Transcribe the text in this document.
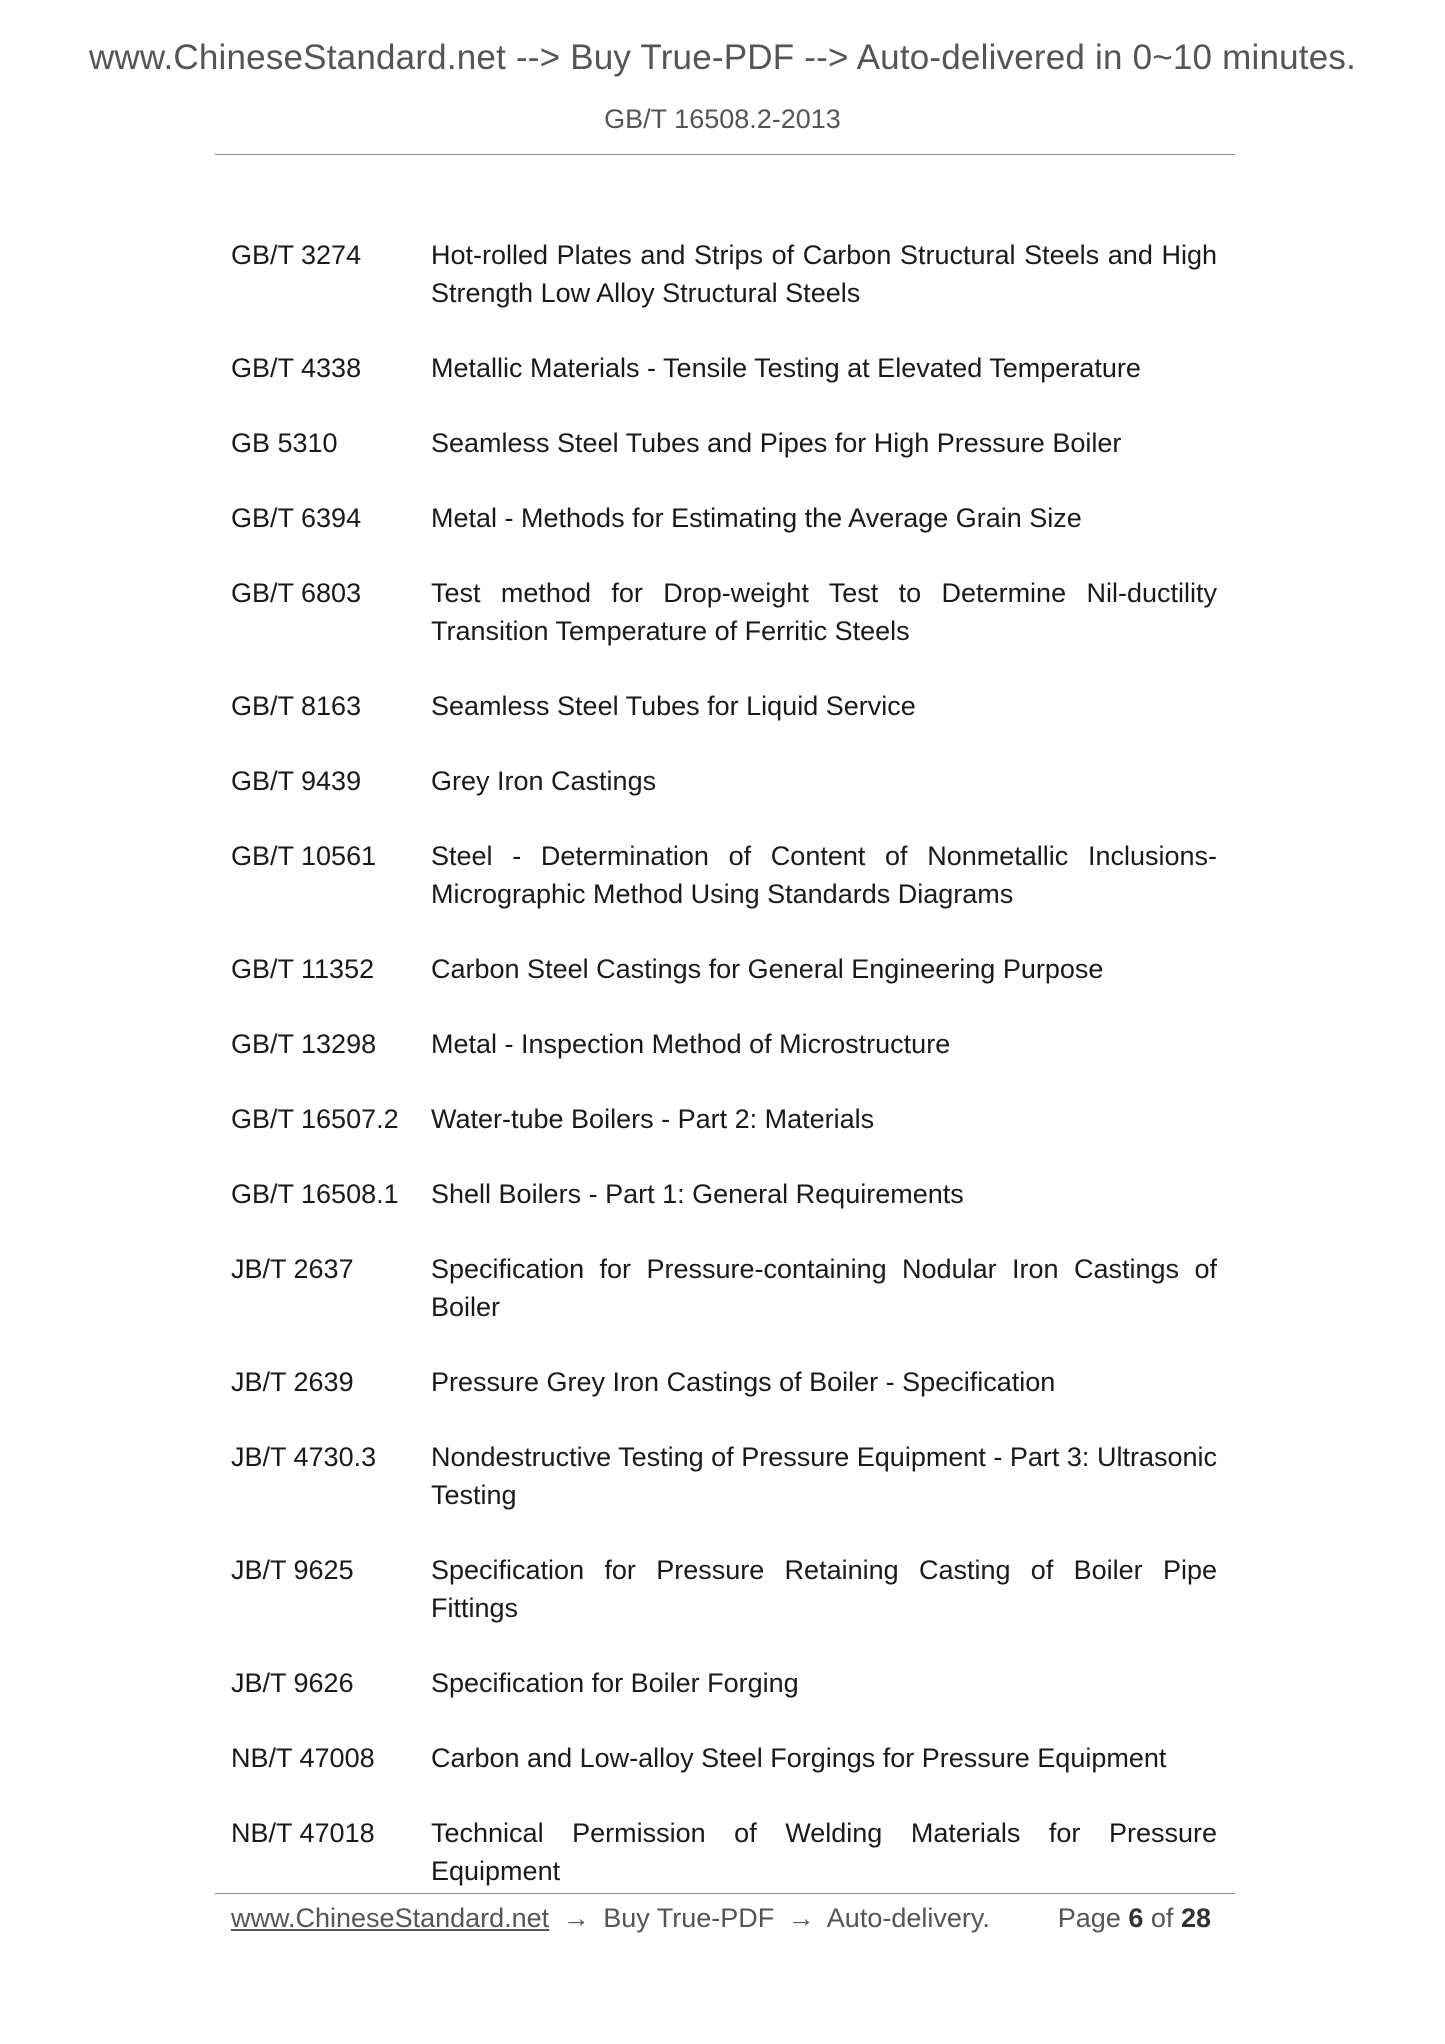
www.ChineseStandard.net --> Buy True-PDF --> Auto-delivered in 0~10 minutes.
GB/T 16508.2-2013
GB/T 3274	Hot-rolled Plates and Strips of Carbon Structural Steels and High Strength Low Alloy Structural Steels
GB/T 4338	Metallic Materials - Tensile Testing at Elevated Temperature
GB 5310	Seamless Steel Tubes and Pipes for High Pressure Boiler
GB/T 6394	Metal - Methods for Estimating the Average Grain Size
GB/T 6803	Test method for Drop-weight Test to Determine Nil-ductility Transition Temperature of Ferritic Steels
GB/T 8163	Seamless Steel Tubes for Liquid Service
GB/T 9439	Grey Iron Castings
GB/T 10561	Steel - Determination of Content of Nonmetallic Inclusions-Micrographic Method Using Standards Diagrams
GB/T 11352	Carbon Steel Castings for General Engineering Purpose
GB/T 13298	Metal - Inspection Method of Microstructure
GB/T 16507.2	Water-tube Boilers - Part 2: Materials
GB/T 16508.1	Shell Boilers - Part 1: General Requirements
JB/T 2637	Specification for Pressure-containing Nodular Iron Castings of Boiler
JB/T 2639	Pressure Grey Iron Castings of Boiler - Specification
JB/T 4730.3	Nondestructive Testing of Pressure Equipment - Part 3: Ultrasonic Testing
JB/T 9625	Specification for Pressure Retaining Casting of Boiler Pipe Fittings
JB/T 9626	Specification for Boiler Forging
NB/T 47008	Carbon and Low-alloy Steel Forgings for Pressure Equipment
NB/T 47018	Technical Permission of Welding Materials for Pressure Equipment
www.ChineseStandard.net → Buy True-PDF → Auto-delivery.	Page 6 of 28
